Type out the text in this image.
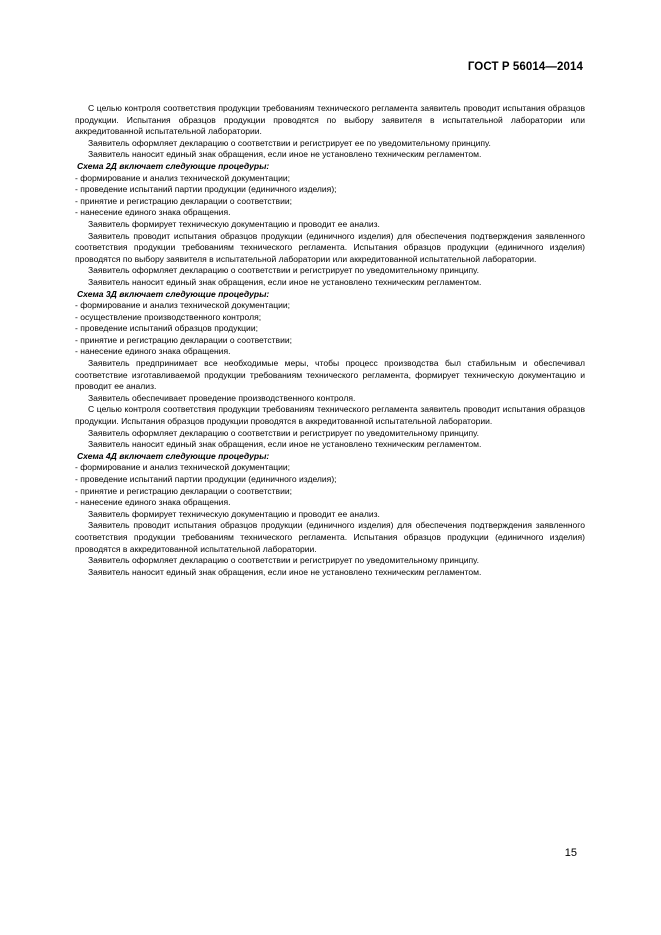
ГОСТ Р 56014—2014

С целью контроля соответствия продукции требованиям технического регламента заявитель проводит испытания образцов продукции. Испытания образцов продукции проводятся по выбору заявителя в испытательной лаборатории или аккредитованной испытательной лаборатории.

Заявитель оформляет декларацию о соответствии и регистрирует ее по уведомительному принципу.

Заявитель наносит единый знак обращения, если иное не установлено техническим регламентом.

Схема 2Д включает следующие процедуры:

- формирование и анализ технической документации;

- проведение испытаний партии продукции (единичного изделия);

- принятие и регистрацию декларации о соответствии;

- нанесение единого знака обращения.

Заявитель формирует техническую документацию и проводит ее анализ.

Заявитель проводит испытания образцов продукции (единичного изделия) для обеспечения подтверждения заявленного соответствия продукции требованиям технического регламента. Испытания образцов продукции (единичного изделия) проводятся по выбору заявителя в испытательной лаборатории или аккредитованной испытательной лаборатории.

Заявитель оформляет декларацию о соответствии и регистрирует по уведомительному принципу.

Заявитель наносит единый знак обращения, если иное не установлено техническим регламентом.

Схема 3Д включает следующие процедуры:

- формирование и анализ технической документации;

- осуществление производственного контроля;

- проведение испытаний образцов продукции;

- принятие и регистрацию декларации о соответствии;

- нанесение единого знака обращения.

Заявитель предпринимает все необходимые меры, чтобы процесс производства был стабильным и обеспечивал соответствие изготавливаемой продукции требованиям технического регламента, формирует техническую документацию и проводит ее анализ.

Заявитель обеспечивает проведение производственного контроля.

С целью контроля соответствия продукции требованиям технического регламента заявитель проводит испытания образцов продукции. Испытания образцов продукции проводятся в аккредитованной испытательной лаборатории.

Заявитель оформляет декларацию о соответствии и регистрирует по уведомительному принципу.

Заявитель наносит единый знак обращения, если иное не установлено техническим регламентом.

Схема 4Д включает следующие процедуры:

- формирование и анализ технической документации;

- проведение испытаний партии продукции (единичного изделия);

- принятие и регистрацию декларации о соответствии;

- нанесение единого знака обращения.

Заявитель формирует техническую документацию и проводит ее анализ.

Заявитель проводит испытания образцов продукции (единичного изделия) для обеспечения подтверждения заявленного соответствия продукции требованиям технического регламента. Испытания образцов продукции (единичного изделия) проводятся в аккредитованной испытательной лаборатории.

Заявитель оформляет декларацию о соответствии и регистрирует по уведомительному принципу.

Заявитель наносит единый знак обращения, если иное не установлено техническим регламентом.

15
